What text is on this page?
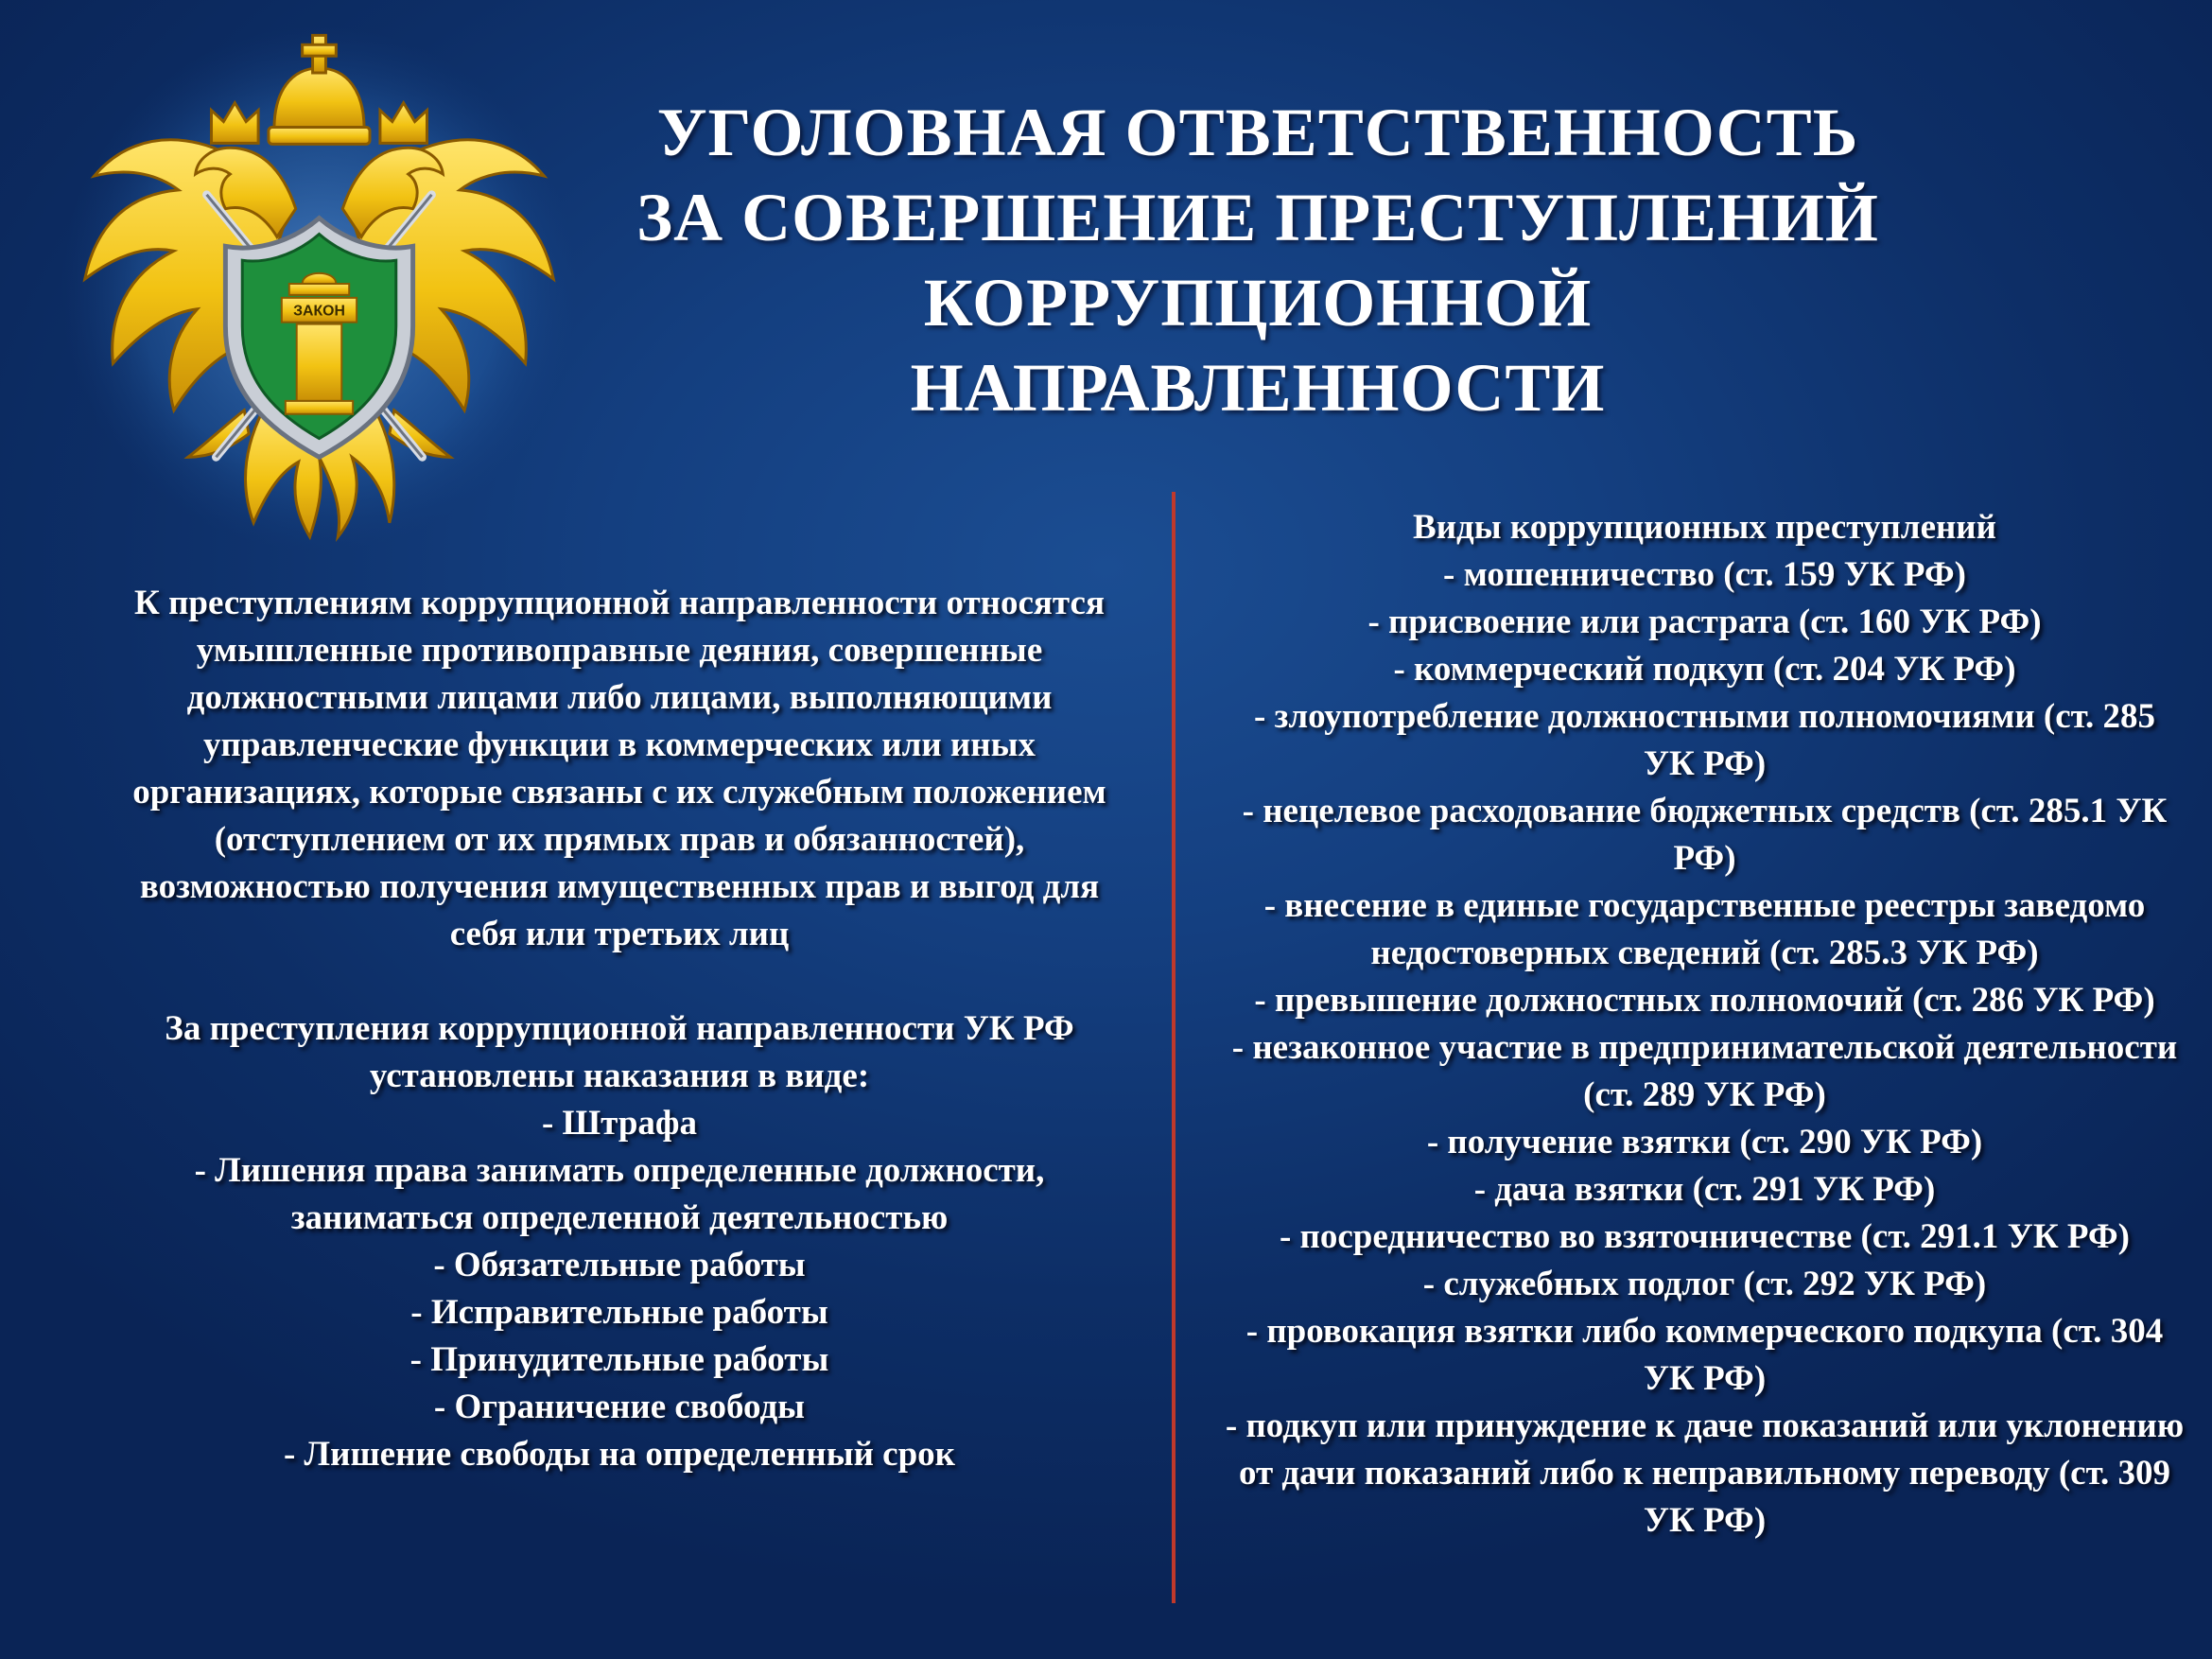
ЗАКОН
УГОЛОВНАЯ ОТВЕТСТВЕННОСТЬ
ЗА СОВЕРШЕНИЕ ПРЕСТУПЛЕНИЙ
КОРРУПЦИОННОЙ
НАПРАВЛЕННОСТИ

К преступлениям коррупционной направленности относятся умышленные противоправные деяния, совершенные должностными лицами либо лицами, выполняющими управленческие функции в коммерческих или иных организациях, которые связаны с их служебным положением (отступлением от их прямых прав и обязанностей), возможностью получения имущественных прав и выгод для себя или третьих лиц

За преступления коррупционной направленности УК РФ установлены наказания в виде:

- Штрафа
- Лишения права занимать определенные должности, заниматься определенной деятельностью
- Обязательные работы
- Исправительные работы
- Принудительные работы
- Ограничение свободы
- Лишение свободы на определенный срок
Виды коррупционных преступлений
- мошенничество (ст. 159 УК РФ)
- присвоение или растрата (ст. 160 УК РФ)
- коммерческий подкуп (ст. 204 УК РФ)
- злоупотребление должностными полномочиями (ст. 285 УК РФ)
- нецелевое расходование бюджетных средств (ст. 285.1 УК РФ)
- внесение в единые государственные реестры заведомо недостоверных сведений (ст. 285.3 УК РФ)
- превышение должностных полномочий (ст. 286 УК РФ)
- незаконное участие в предпринимательской деятельности (ст. 289 УК РФ)
- получение взятки (ст. 290 УК РФ)
- дача взятки (ст. 291 УК РФ)
- посредничество во взяточничестве (ст. 291.1 УК РФ)
- служебных подлог (ст. 292 УК РФ)
- провокация взятки либо коммерческого подкупа (ст. 304 УК РФ)
- подкуп или принуждение к даче показаний или уклонению от дачи показаний либо к неправильному переводу (ст. 309 УК РФ)
